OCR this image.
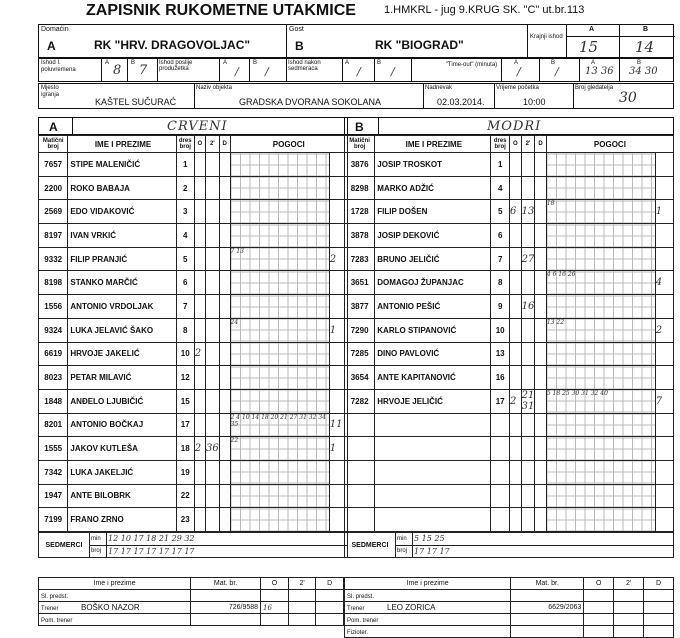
ZAPISNIK RUKOMETNE UTAKMICE	1.HMKRL - jug 9.KRUG SK. "C" ut.br.113
Domaćin
A	RK "HRV. DRAGOVOLJAC"
Gost
B	RK "BIOGRAD"
Krajnji ishod
A	B
15 14
Ishod I. poluvremena
A 8 B 7 Ishod poslije produžetka
A
/
B
/
Ishod nakon sedmeraca
A
/
B
/	"Time-out" (minuta)	A
/
B
/
A
13 36
B
34 30
Mjesto igranja
KAŠTEL SUČURAĆ
Naziv objekta
GRADSKA DVORANA SOKOLANA
Nadnevak
02.03.2014.
Vrijeme početka
10:00
Broj gledatelja
30
A	CRVENI
Matični broj	IME I PREZIME	dres broj	O	2'	D	POGOCI	
7657	STIPE MALENIČIĆ	1					
2200	ROKO BABAJA	2					
2569	EDO VIDAKOVIĆ	3					
8197	IVAN VRKIĆ	4					
9332	FILIP PRANJIĆ	5				7 13	2
8198	STANKO MARČIĆ	6					
1556	ANTONIO VRDOLJAK	7					
9324	LUKA JELAVIĆ ŠAKO	8				24	1
6619	HRVOJE JAKELIĆ	10	2				
8023	PETAR MILAVIĆ	12					
1848	ANĐELO LJUBIČIĆ	15					
8201	ANTONIO BOČKAJ	17				2 4 10 14 18 20 21 27 31 32 34 35	11
1555	JAKOV KUTLEŠA	18	2	36		22	1
7342	LUKA JAKELJIĆ	19					
1947	ANTE BILOBRK	22					
7199	FRANO ZRNO	23					
SEDMERCI	min	12 10 17 18 21 29 32
	broj	17 17 17 17 17 17 17
B	MODRI
Matični broj	IME I PREZIME	dres broj	O	2'	D	POGOCI	
3876	JOSIP TROSKOT	1					
8298	MARKO ADŽIĆ	4					
1728	FILIP DOŠEN	5	6	13		18	1
3878	JOSIP DEKOVIĆ	6					
7283	BRUNO JELIČIĆ	7		27			
3651	DOMAGOJ ŽUPANJAC	8				4 6 16 26	4
3877	ANTONIO PEŠIĆ	9		16			
7290	KARLO STIPANOVIĆ	10				13 22	2
7285	DINO PAVLOVIĆ	13					
3654	ANTE KAPITANOVIĆ	16					
7282	HRVOJE JELIČIĆ	17	2	21 31		5 18 25 30 31 32 40	7

SEDMERCI	min	5 15 25
	broj	17 17 17
Ime i prezime	Mat. br.	O	2'	D
Sl. predst.				
Trener BOŠKO NAZOR	726/9588	16		
Pom. trener				
Ime i prezime	Mat. br.	O	2'	D
Sl. predst.				
Trener LEO ZORICA	6629/2063			
Pom. trener				
Fizioter.				
